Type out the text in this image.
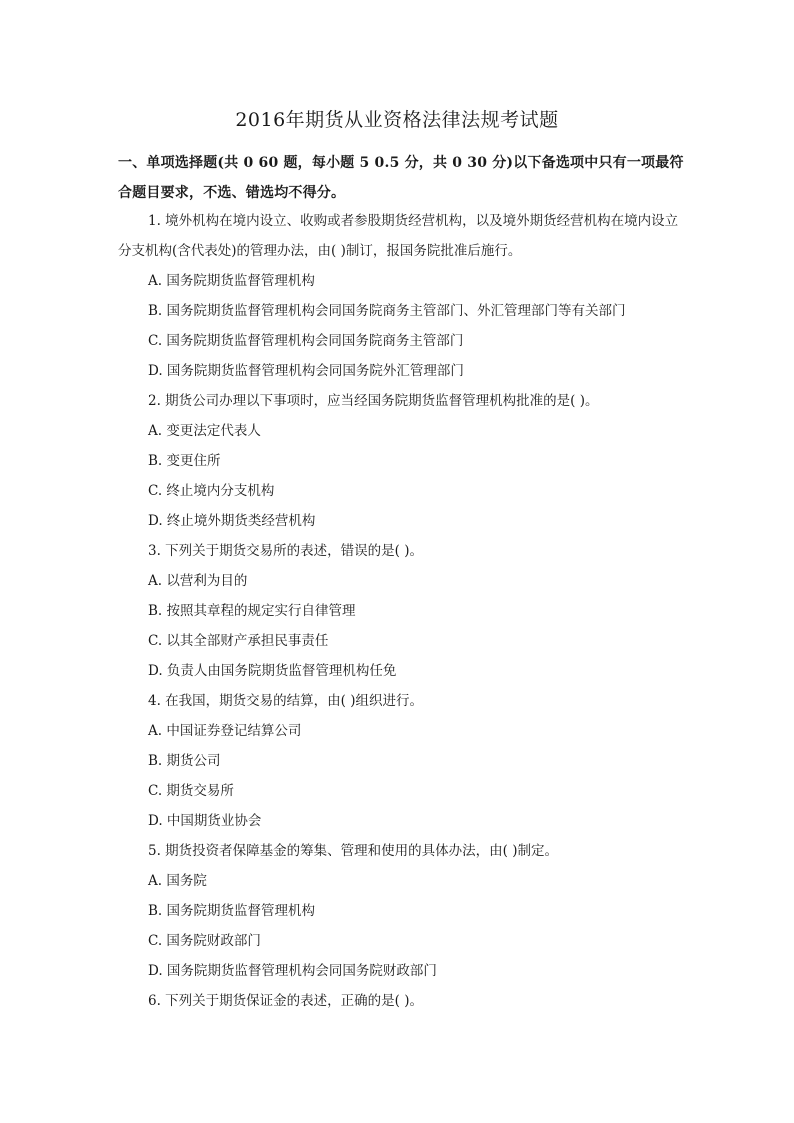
2016年期货从业资格法律法规考试题
一、单项选择题(共 0 60 题，每小题 5 0.5 分，共 0 30 分)以下备选项中只有一项最符合题目要求，不选、错选均不得分。
1. 境外机构在境内设立、收购或者参股期货经营机构，以及境外期货经营机构在境内设立分支机构(含代表处)的管理办法，由( )制订，报国务院批准后施行。
A. 国务院期货监督管理机构
B. 国务院期货监督管理机构会同国务院商务主管部门、外汇管理部门等有关部门
C. 国务院期货监督管理机构会同国务院商务主管部门
D. 国务院期货监督管理机构会同国务院外汇管理部门
2. 期货公司办理以下事项时，应当经国务院期货监督管理机构批准的是( )。
A. 变更法定代表人
B. 变更住所
C. 终止境内分支机构
D. 终止境外期货类经营机构
3. 下列关于期货交易所的表述，错误的是( )。
A. 以营利为目的
B. 按照其章程的规定实行自律管理
C. 以其全部财产承担民事责任
D. 负责人由国务院期货监督管理机构任免
4. 在我国，期货交易的结算，由( )组织进行。
A. 中国证券登记结算公司
B. 期货公司
C. 期货交易所
D. 中国期货业协会
5. 期货投资者保障基金的筹集、管理和使用的具体办法，由( )制定。
A. 国务院
B. 国务院期货监督管理机构
C. 国务院财政部门
D. 国务院期货监督管理机构会同国务院财政部门
6. 下列关于期货保证金的表述，正确的是( )。
